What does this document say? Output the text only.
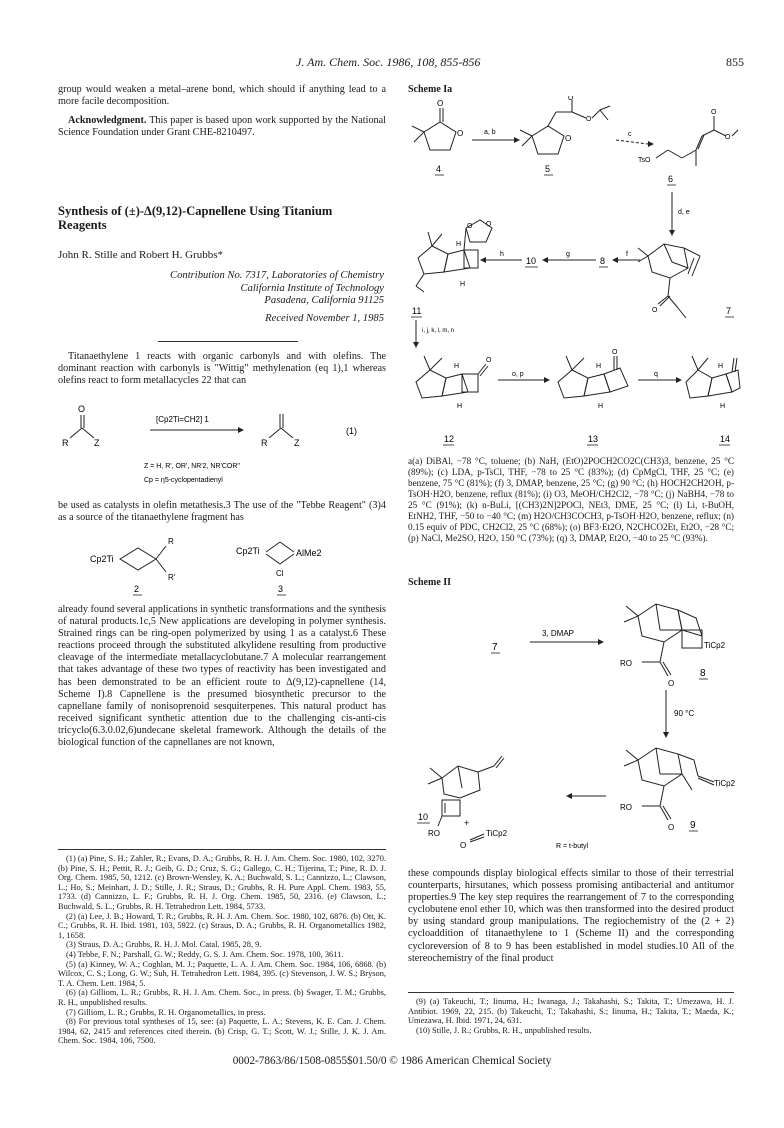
J. Am. Chem. Soc. 1986, 108, 855-856	855

group would weaken a metal–arene bond, which should if anything lead to a more facile decomposition.

Acknowledgment. This paper is based upon work supported by the National Science Foundation under Grant CHE-8210497.

Synthesis of (±)-Δ(9,12)-Capnellene Using Titanium Reagents
John R. Stille and Robert H. Grubbs*
Contribution No. 7317, Laboratories of Chemistry
California Institute of Technology
Pasadena, California 91125
Received November 1, 1985

Titanaethylene 1 reacts with organic carbonyls and with olefins. The dominant reaction with carbonyls is "Wittig" methylenation (eq 1),1 whereas olefins react to form metallacycles 22 that can

O
R	Z
[Cp2Ti=CH2] 1
R	Z
(1)
Z = H, R', OR', NR'2, NR'COR"
Cp = η5-cyclopentadienyl

be used as catalysts in olefin metathesis.3 The use of the "Tebbe Reagent" (3)4 as a source of the titanaethylene fragment has

Cp2Ti
R
R'
2
Cp2Ti	AlMe2
Cl
3

already found several applications in synthetic transformations and the synthesis of natural products.1c,5 New applications are developing in polymer synthesis. Strained rings can be ring-open polymerized by using 1 as a catalyst.6 These reactions proceed through the substituted alkylidene resulting from productive cleavage of the intermediate metallacyclobutane.7 A molecular rearrangement that takes advantage of these two types of reactivity has been investigated and has been demonstrated to be an efficient route to Δ(9,12)-capnellene (14, Scheme I).8 Capnellene is the presumed biosynthetic precursor to the capnellane family of nonisoprenoid sesquiterpenes. This natural product has received significant synthetic attention due to the challenging cis-anti-cis tricyclo(6.3.0.02,6)undecane skeletal framework. Although the details of the biological function of the capnellanes are not known,

(1) (a) Pine, S. H.; Zahler, R.; Evans, D. A.; Grubbs, R. H. J. Am. Chem. Soc. 1980, 102, 3270. (b) Pine, S. H.; Pettit, R. J.; Geib, G. D.; Cruz, S. G.; Gallego, C. H.; Tijerina, T.; Pine, R. D. J. Org. Chem. 1985, 50, 1212. (c) Brown-Wensley, K. A.; Buchwald, S. L.; Cannizzo, L.; Clawson, L.; Ho, S.; Meinhart, J. D.; Stille, J. R.; Straus, D.; Grubbs, R. H. Pure Appl. Chem. 1983, 55, 1733. (d) Cannizzo, L. F.; Grubbs, R. H. J. Org. Chem. 1985, 50, 2316. (e) Clawson, L.; Buchwald, S. L.; Grubbs, R. H. Tetrahedron Lett. 1984, 5733.

(2) (a) Lee, J. B.; Howard, T. R.; Grubbs, R. H. J. Am. Chem. Soc. 1980, 102, 6876. (b) Ott, K. C.; Grubbs, R. H. Ibid. 1981, 103, 5922. (c) Straus, D. A.; Grubbs, R. H. Organometallics 1982, 1, 1658.

(3) Straus, D. A.; Grubbs, R. H. J. Mol. Catal. 1985, 28, 9.

(4) Tebbe, F. N.; Parshall, G. W.; Reddy, G. S. J. Am. Chem. Soc. 1978, 100, 3611.

(5) (a) Kinney, W. A.; Coghlan, M. J.; Paquette, L. A. J. Am. Chem. Soc. 1984, 106, 6868. (b) Wilcox, C. S.; Long, G. W.; Suh, H. Tetrahedron Lett. 1984, 395. (c) Stevenson, J. W. S.; Bryson, T. A. Chem. Lett. 1984, 5.

(6) (a) Gilliom, L. R.; Grubbs, R. H. J. Am. Chem. Soc., in press. (b) Swager, T. M.; Grubbs, R. H., unpublished results.

(7) Gilliom, L. R.; Grubbs, R. H. Organometallics, in press.

(8) For previous total syntheses of 15, see: (a) Paquette, L. A.; Stevens, K. E. Can. J. Chem. 1984, 62, 2415 and references cited therein. (b) Crisp, G. T.; Scott, W. J.; Stille, J. K. J. Am. Chem. Soc. 1984, 106, 7500.

Scheme Ia
O
O
4
a, b
O
O
O
5
c
TsO
O
O
6
d, e
O	7
f
8
g
10
h
H
H
O O
11
i, j, k, l, m, n
H
H
O
12
o, p
H
H
O
13
q
H
H
14
a(a) DiBAl, −78 °C, toluene; (b) NaH, (EtO)2POCH2CO2C(CH3)3, benzene, 25 °C (89%); (c) LDA, p-TsCl, THF, −78 to 25 °C (83%); (d) CpMgCl, THF, 25 °C; (e) benzene, 75 °C (81%); (f) 3, DMAP, benzene, 25 °C; (g) 90 °C; (h) HOCH2CH2OH, p-TsOH·H2O, benzene, reflux (81%); (i) O3, MeOH/CH2Cl2, −78 °C; (j) NaBH4, −78 to 25 °C (91%); (k) n-BuLi, [(CH3)2N]2POCl, NEt3, DME, 25 °C; (l) Li, t-BuOH, EtNH2, THF, −50 to −40 °C; (m) H2O/CH3COCH3, p-TsOH·H2O, benzene, reflux; (n) 0.15 equiv of PDC, CH2Cl2, 25 °C (68%); (o) BF3·Et2O, N2CHCO2Et, Et2O, −28 °C; (p) NaCl, Me2SO, H2O, 150 °C (73%); (q) 3, DMAP, Et2O, −40 to 25 °C (93%).
Scheme II
7
3, DMAP
TiCp2
RO
O
8
90 °C
TiCp2
RO
O 9
10
RO
+
O
TiCp2
R = t-butyl

these compounds display biological effects similar to those of their terrestrial counterparts, hirsutanes, which possess promising antibacterial and antitumor properties.9 The key step requires the rearrangement of 7 to the corresponding cyclobutene enol ether 10, which was then transformed into the desired product by using standard group manipulations. The regiochemistry of the (2 + 2) cycloaddition of titanaethylene to 1 (Scheme II) and the corresponding cycloreversion of 8 to 9 has been established in model studies.10 All of the stereochemistry of the final product

(9) (a) Takeuchi, T.; Iinuma, H.; Iwanaga, J.; Takahashi, S.; Takita, T.; Umezawa, H. J. Antibiot. 1969, 22, 215. (b) Takeuchi, T.; Takahashi, S.; Iinuma, H.; Takita, T.; Maeda, K.; Umezawa, H. Ibid. 1971, 24, 631.

(10) Stille, J. R.; Grubbs, R. H., unpublished results.

0002-7863/86/1508-0855$01.50/0 © 1986 American Chemical Society
